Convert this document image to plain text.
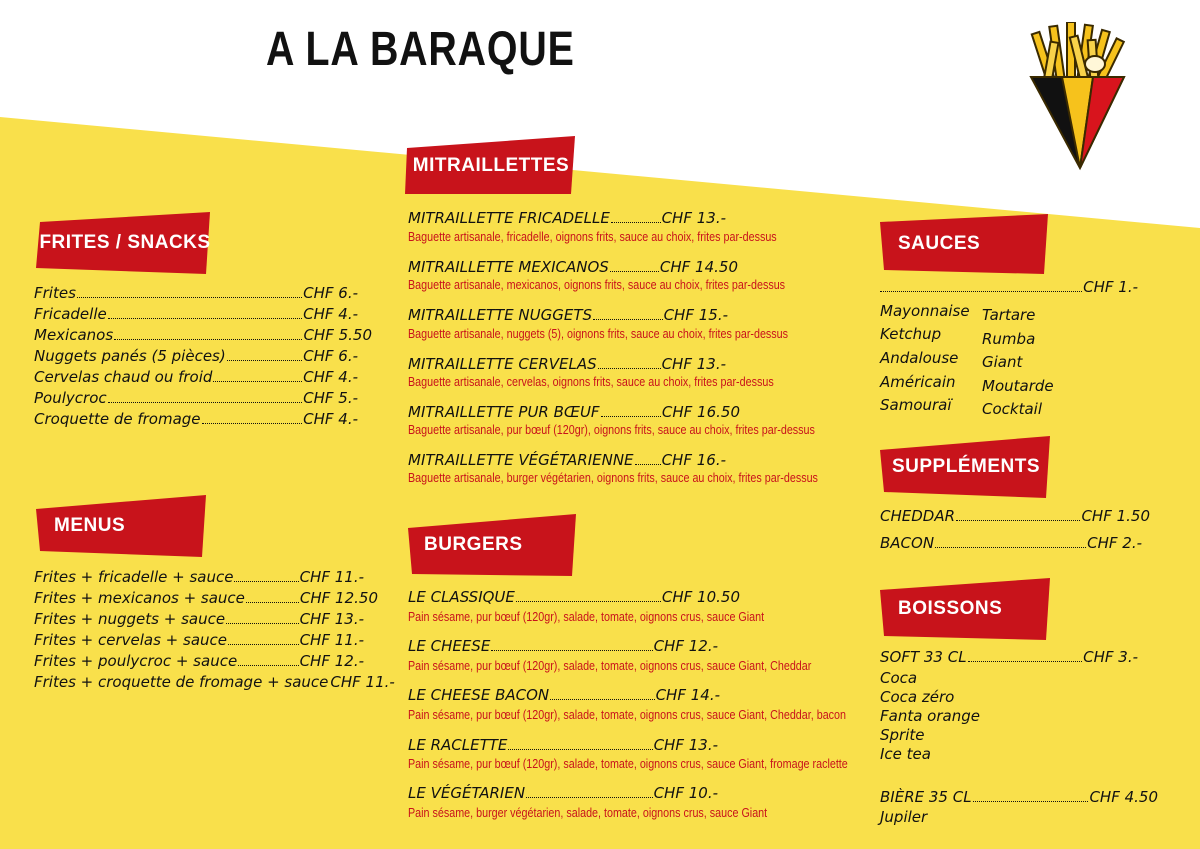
A LA BARAQUE
FRITES / SNACKS
MENUS
MITRAILLETTES
BURGERS
SAUCES
SUPPLÉMENTS
BOISSONS
Frites	CHF 6.-
Fricadelle	CHF 4.-
Mexicanos	CHF 5.50
Nuggets panés (5 pièces)	CHF 6.-
Cervelas chaud ou froid	CHF 4.-
Poulycroc	CHF 5.-
Croquette de fromage	CHF 4.-
Frites + fricadelle + sauce	CHF 11.-
Frites + mexicanos + sauce	CHF 12.50
Frites + nuggets + sauce	CHF 13.-
Frites + cervelas + sauce	CHF 11.-
Frites + poulycroc + sauce	CHF 12.-
Frites + croquette de fromage + sauce CHF 11.-
MITRAILLETTE FRICADELLE	CHF 13.-
Baguette artisanale, fricadelle, oignons frits, sauce au choix, frites par-dessus
MITRAILLETTE MEXICANOS	CHF 14.50
Baguette artisanale, mexicanos, oignons frits, sauce au choix, frites par-dessus
MITRAILLETTE NUGGETS	CHF 15.-
Baguette artisanale, nuggets (5), oignons frits, sauce au choix, frites par-dessus
MITRAILLETTE CERVELAS	CHF 13.-
Baguette artisanale, cervelas, oignons frits, sauce au choix, frites par-dessus
MITRAILLETTE PUR BŒUF	CHF 16.50
Baguette artisanale, pur bœuf (120gr), oignons frits, sauce au choix, frites par-dessus
MITRAILLETTE VÉGÉTARIENNE CHF 16.-
Baguette artisanale, burger végétarien, oignons frits, sauce au choix, frites par-dessus
LE CLASSIQUE	CHF 10.50
Pain sésame, pur bœuf (120gr), salade, tomate, oignons crus, sauce Giant
LE CHEESE	CHF 12.-
Pain sésame, pur bœuf (120gr), salade, tomate, oignons crus, sauce Giant, Cheddar
LE CHEESE BACON	CHF 14.-
Pain sésame, pur bœuf (120gr), salade, tomate, oignons crus, sauce Giant, Cheddar, bacon
LE RACLETTE	CHF 13.-
Pain sésame, pur bœuf (120gr), salade, tomate, oignons crus, sauce Giant, fromage raclette
LE VÉGÉTARIEN	CHF 10.-
Pain sésame, burger végétarien, salade, tomate, oignons crus, sauce Giant
CHF 1.-
Mayonnaise
Ketchup
Andalouse
Américain
Samouraï
Tartare
Rumba
Giant
Moutarde
Cocktail
CHEDDAR	CHF 1.50
BACON	CHF 2.-
SOFT 33 CL	CHF 3.-
Coca
Coca zéro
Fanta orange
Sprite
Ice tea
BIÈRE 35 CL	CHF 4.50
Jupiler
